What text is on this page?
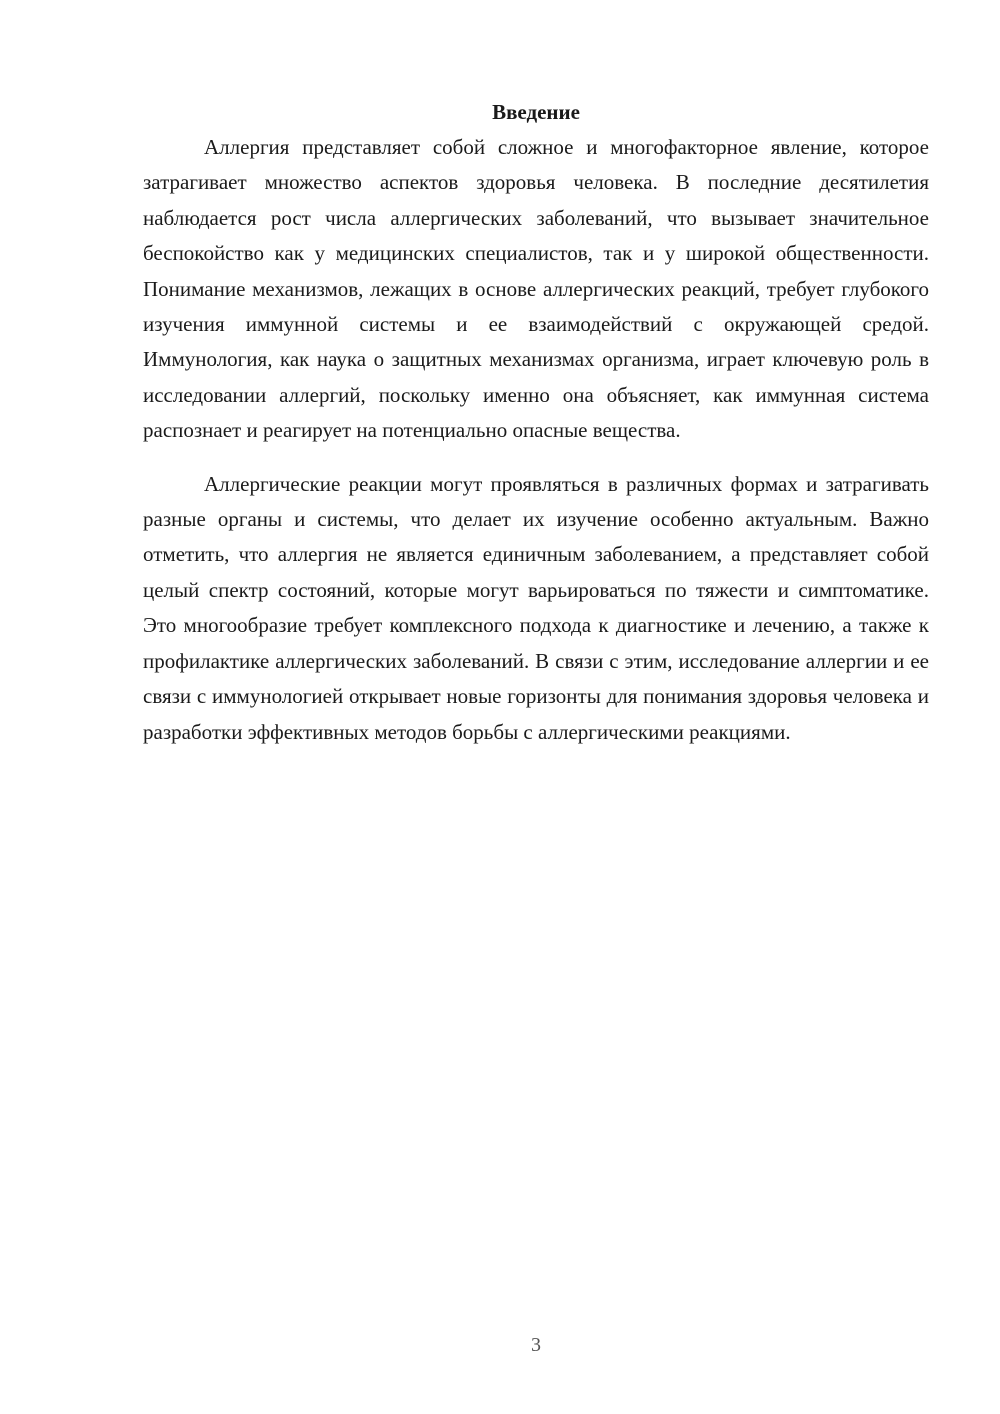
Введение

Аллергия представляет собой сложное и многофакторное явление, которое затрагивает множество аспектов здоровья человека. В последние десятилетия наблюдается рост числа аллергических заболеваний, что вызывает значительное беспокойство как у медицинских специалистов, так и у широкой общественности. Понимание механизмов, лежащих в основе аллергических реакций, требует глубокого изучения иммунной системы и ее взаимодействий с окружающей средой. Иммунология, как наука о защитных механизмах организма, играет ключевую роль в исследовании аллергий, поскольку именно она объясняет, как иммунная система распознает и реагирует на потенциально опасные вещества.

Аллергические реакции могут проявляться в различных формах и затрагивать разные органы и системы, что делает их изучение особенно актуальным. Важно отметить, что аллергия не является единичным заболеванием, а представляет собой целый спектр состояний, которые могут варьироваться по тяжести и симптоматике. Это многообразие требует комплексного подхода к диагностике и лечению, а также к профилактике аллергических заболеваний. В связи с этим, исследование аллергии и ее связи с иммунологией открывает новые горизонты для понимания здоровья человека и разработки эффективных методов борьбы с аллергическими реакциями.

3
